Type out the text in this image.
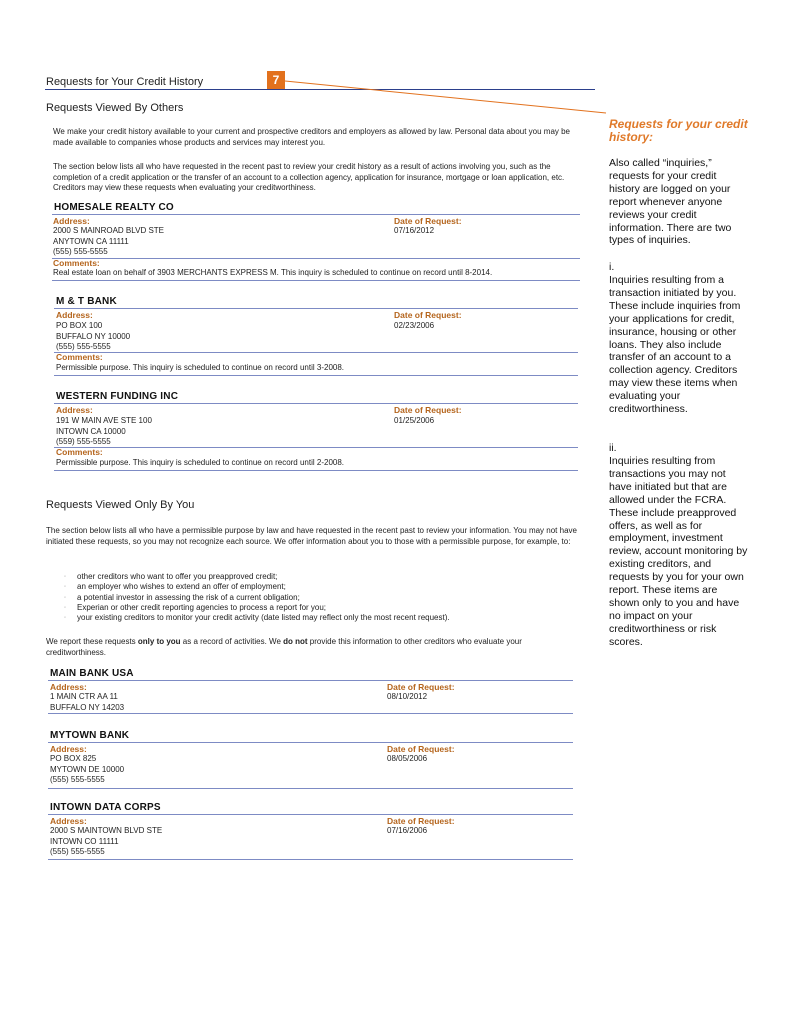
Requests for Your Credit History	7
Requests Viewed By Others
We make your credit history available to your current and prospective creditors and employers as allowed by law. Personal data about you may be made available to companies whose products and services may interest you.
The section below lists all who have requested in the recent past to review your credit history as a result of actions involving you, such as the completion of a credit application or the transfer of an account to a collection agency, application for insurance, mortgage or loan application, etc. Creditors may view these requests when evaluating your creditworthiness.
HOMESALE REALTY CO
Address:	Date of Request:
2000 S MAINROAD BLVD STE
ANYTOWN CA 11111
(555) 555-5555
07/16/2012
Comments:
Real estate loan on behalf of 3903 MERCHANTS EXPRESS M. This inquiry is scheduled to continue on record until 8-2014.
M & T BANK
Address:	Date of Request:
PO BOX 100
BUFFALO NY 10000
(555) 555-5555
02/23/2006
Comments:
Permissible purpose. This inquiry is scheduled to continue on record until 3-2008.
WESTERN FUNDING INC
Address:	Date of Request:
191 W MAIN AVE STE 100
INTOWN CA 10000
(559) 555-5555
01/25/2006
Comments:
Permissible purpose. This inquiry is scheduled to continue on record until 2-2008.
Requests Viewed Only By You
The section below lists all who have a permissible purpose by law and have requested in the recent past to review your information. You may not have initiated these requests, so you may not recognize each source. We offer information about you to those with a permissible purpose, for example, to:
◦ other creditors who want to offer you preapproved credit;
◦ an employer who wishes to extend an offer of employment;
◦ a potential investor in assessing the risk of a current obligation;
◦ Experian or other credit reporting agencies to process a report for you;
◦ your existing creditors to monitor your credit activity (date listed may reflect only the most recent request).
We report these requests only to you as a record of activities. We do not provide this information to other creditors who evaluate your creditworthiness.
MAIN BANK USA
Address:	Date of Request:
1 MAIN CTR AA 11
BUFFALO NY 14203
08/10/2012
MYTOWN BANK
Address:	Date of Request:
PO BOX 825
MYTOWN DE 10000
(555) 555-5555
08/05/2006
INTOWN DATA CORPS
Address:	Date of Request:
2000 S MAINTOWN BLVD STE
INTOWN CO 11111
(555) 555-5555
07/16/2006
Requests for your credit history:
Also called “inquiries,” requests for your credit history are logged on your report whenever anyone reviews your credit information. There are two types of inquiries.
i.
Inquiries resulting from a transaction initiated by you. These include inquiries from your applications for credit, insurance, housing or other loans. They also include transfer of an account to a collection agency. Creditors may view these items when evaluating your creditworthiness.
ii.
Inquiries resulting from transactions you may not have initiated but that are allowed under the FCRA. These include preapproved offers, as well as for employment, investment review, account monitoring by existing creditors, and requests by you for your own report. These items are shown only to you and have no impact on your creditworthiness or risk scores.
